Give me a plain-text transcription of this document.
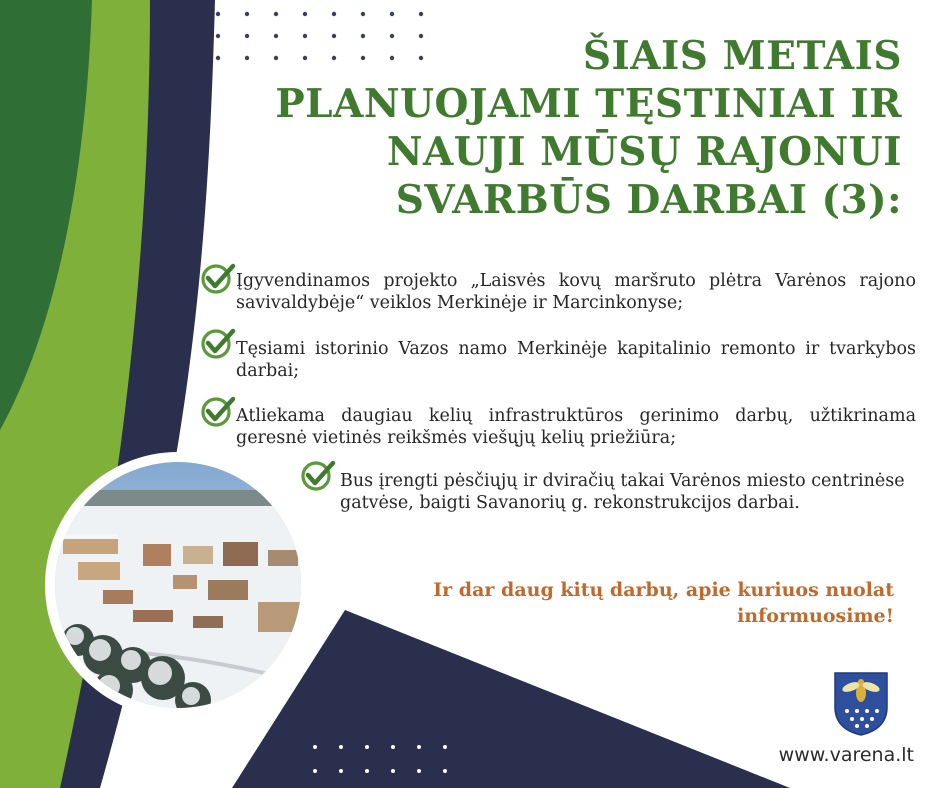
ŠIAIS METAIS
PLANUOJAMI TĘSTINIAI IR
NAUJI MŪSŲ RAJONUI
SVARBŪS DARBAI (3):
Įgyvendinamos projekto „Laisvės kovų maršruto plėtra Varėnos rajono savivaldybėje“ veiklos Merkinėje ir Marcinkonyse;
Tęsiami istorinio Vazos namo Merkinėje kapitalinio remonto ir tvarkybos darbai;
Atliekama daugiau kelių infrastruktūros gerinimo darbų, užtikrinama geresnė vietinės reikšmės viešųjų kelių priežiūra;
Bus įrengti pėsčiųjų ir dviračių takai Varėnos miesto centrinėse gatvėse, baigti Savanorių g. rekonstrukcijos darbai.

Ir dar daug kitų darbų, apie kuriuos nuolat
informuosime!

www.varena.lt
